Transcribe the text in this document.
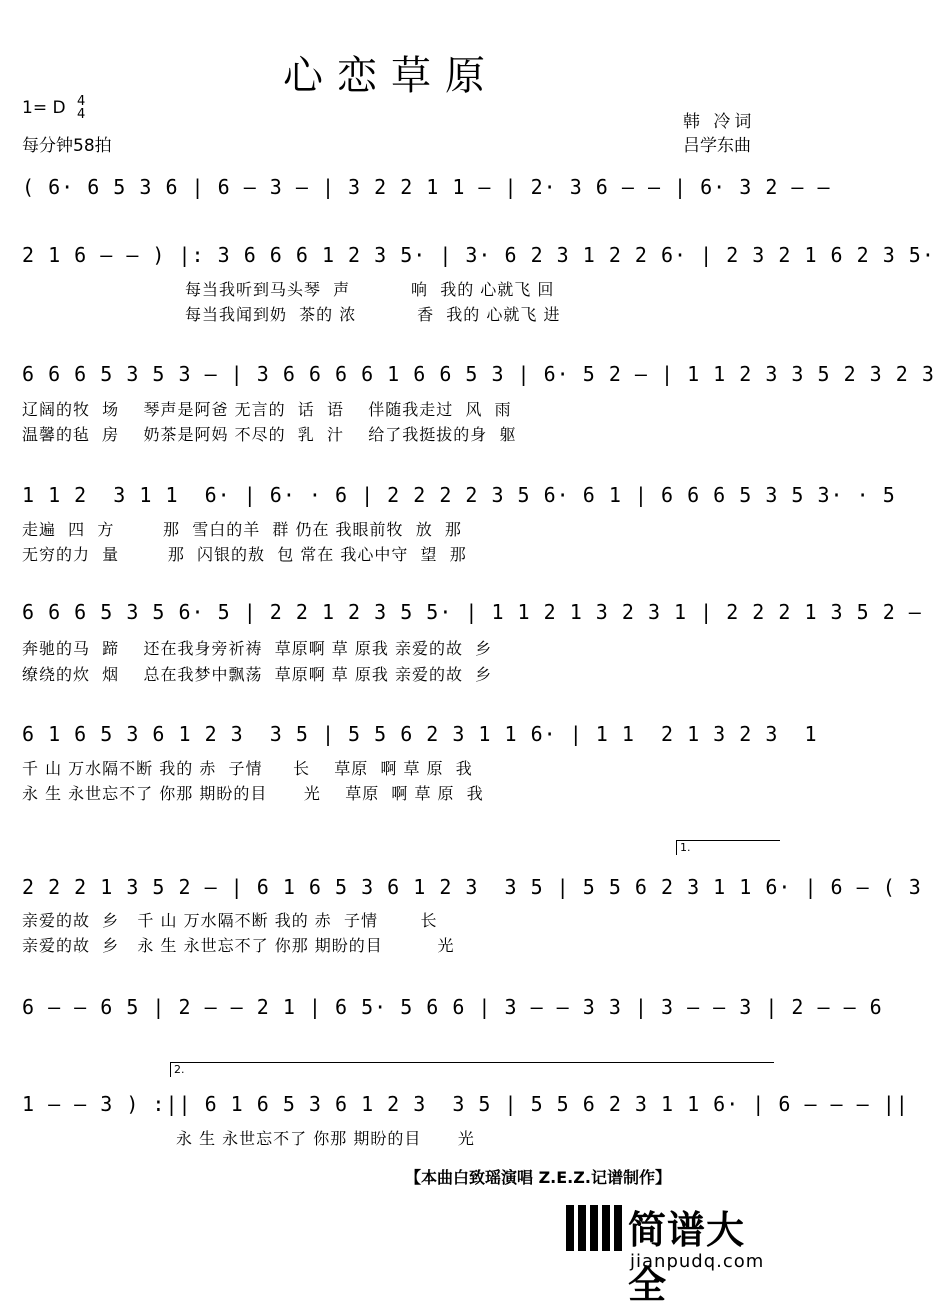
心恋草原
1= D 4
4
每分钟58拍
韩 冷词
吕学东曲
( 6· 6 5 3 6 | 6 — 3 — | 3 2 2 1 1 — | 2· 3 6 — — | 6· 3 2 — —
2 1 6 — — ) |: 3 6 6 6 1 2 3 5· | 3· 6 2 3 1 2 2 6· | 2 3 2 1 6 2 3 5·
每当我听到马头琴  声          响  我的 心就飞 回
每当我闻到奶  茶的 浓          香  我的 心就飞 进
6 6 6 5 3 5 3 — | 3 6 6 6 6 1 6 6 5 3 | 6· 5 2 — | 1 1 2 3 3 5 2 3 2 3
辽阔的牧  场    琴声是阿爸 无言的  话  语    伴随我走过  风  雨
温馨的毡  房    奶茶是阿妈 不尽的  乳  汁    给了我挺拔的身  躯
1 1 2  3 1 1  6· | 6· · 6 | 2 2 2 2 3 5 6· 6 1 | 6 6 6 5 3 5 3· · 5
走遍  四  方        那  雪白的羊  群 仍在 我眼前牧  放  那
无穷的力  量        那  闪银的敖  包 常在 我心中守  望  那
6 6 6 5 3 5 6· 5 | 2 2 1 2 3 5 5· | 1 1 2 1 3 2 3 1 | 2 2 2 1 3 5 2 —
奔驰的马  蹄    还在我身旁祈祷  草原啊 草 原我 亲爱的故  乡
缭绕的炊  烟    总在我梦中飘荡  草原啊 草 原我 亲爱的故  乡
6 1 6 5 3 6 1 2 3  3 5 | 5 5 6 2 3 1 1 6· | 1 1  2 1 3 2 3  1
千 山 万水隔不断 我的 赤  子情     长    草原  啊 草 原  我
永 生 永世忘不了 你那 期盼的目      光    草原  啊 草 原  我
1.
2 2 2 1 3 5 2 — | 6 1 6 5 3 6 1 2 3  3 5 | 5 5 6 2 3 1 1 6· | 6 — ( 3
亲爱的故  乡   千 山 万水隔不断 我的 赤  子情       长
亲爱的故  乡   永 生 永世忘不了 你那 期盼的目         光
6 — — 6 5 | 2 — — 2 1 | 6 5· 5 6 6 | 3 — — 3 3 | 3 — — 3 | 2 — — 6
2.
1 — — 3 ) :|| 6 1 6 5 3 6 1 2 3  3 5 | 5 5 6 2 3 1 1 6· | 6 — — — ||
永 生 永世忘不了 你那 期盼的目      光
【本曲白致瑶演唱 Z.E.Z.记谱制作】
简谱大全
jianpudq.com
